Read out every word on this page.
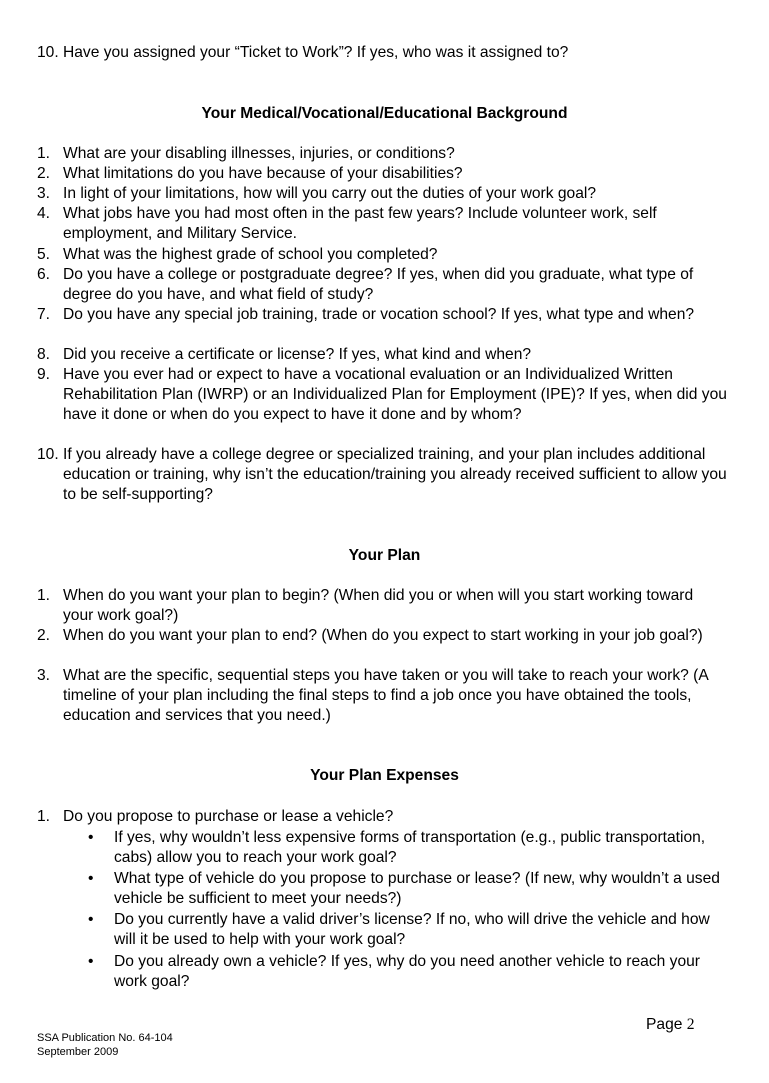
10. Have you assigned your “Ticket to Work”? If yes, who was it assigned to?
Your Medical/Vocational/Educational Background
1. What are your disabling illnesses, injuries, or conditions?
2. What limitations do you have because of your disabilities?
3. In light of your limitations, how will you carry out the duties of your work goal?
4. What jobs have you had most often in the past few years? Include volunteer work, self employment, and Military Service.
5. What was the highest grade of school you completed?
6. Do you have a college or postgraduate degree? If yes, when did you graduate, what type of degree do you have, and what field of study?
7. Do you have any special job training, trade or vocation school? If yes, what type and when?
8. Did you receive a certificate or license? If yes, what kind and when?
9. Have you ever had or expect to have a vocational evaluation or an Individualized Written Rehabilitation Plan (IWRP) or an Individualized Plan for Employment (IPE)? If yes, when did you have it done or when do you expect to have it done and by whom?
10. If you already have a college degree or specialized training, and your plan includes additional education or training, why isn’t the education/training you already received sufficient to allow you to be self-supporting?
Your Plan
1. When do you want your plan to begin? (When did you or when will you start working toward your work goal?)
2. When do you want your plan to end? (When do you expect to start working in your job goal?)
3. What are the specific, sequential steps you have taken or you will take to reach your work? (A timeline of your plan including the final steps to find a job once you have obtained the tools, education and services that you need.)
Your Plan Expenses
1. Do you propose to purchase or lease a vehicle?
• If yes, why wouldn’t less expensive forms of transportation (e.g., public transportation, cabs) allow you to reach your work goal?
• What type of vehicle do you propose to purchase or lease? (If new, why wouldn’t a used vehicle be sufficient to meet your needs?)
• Do you currently have a valid driver’s license? If no, who will drive the vehicle and how will it be used to help with your work goal?
• Do you already own a vehicle? If yes, why do you need another vehicle to reach your work goal?
Page 2
SSA Publication No. 64-104
September 2009
